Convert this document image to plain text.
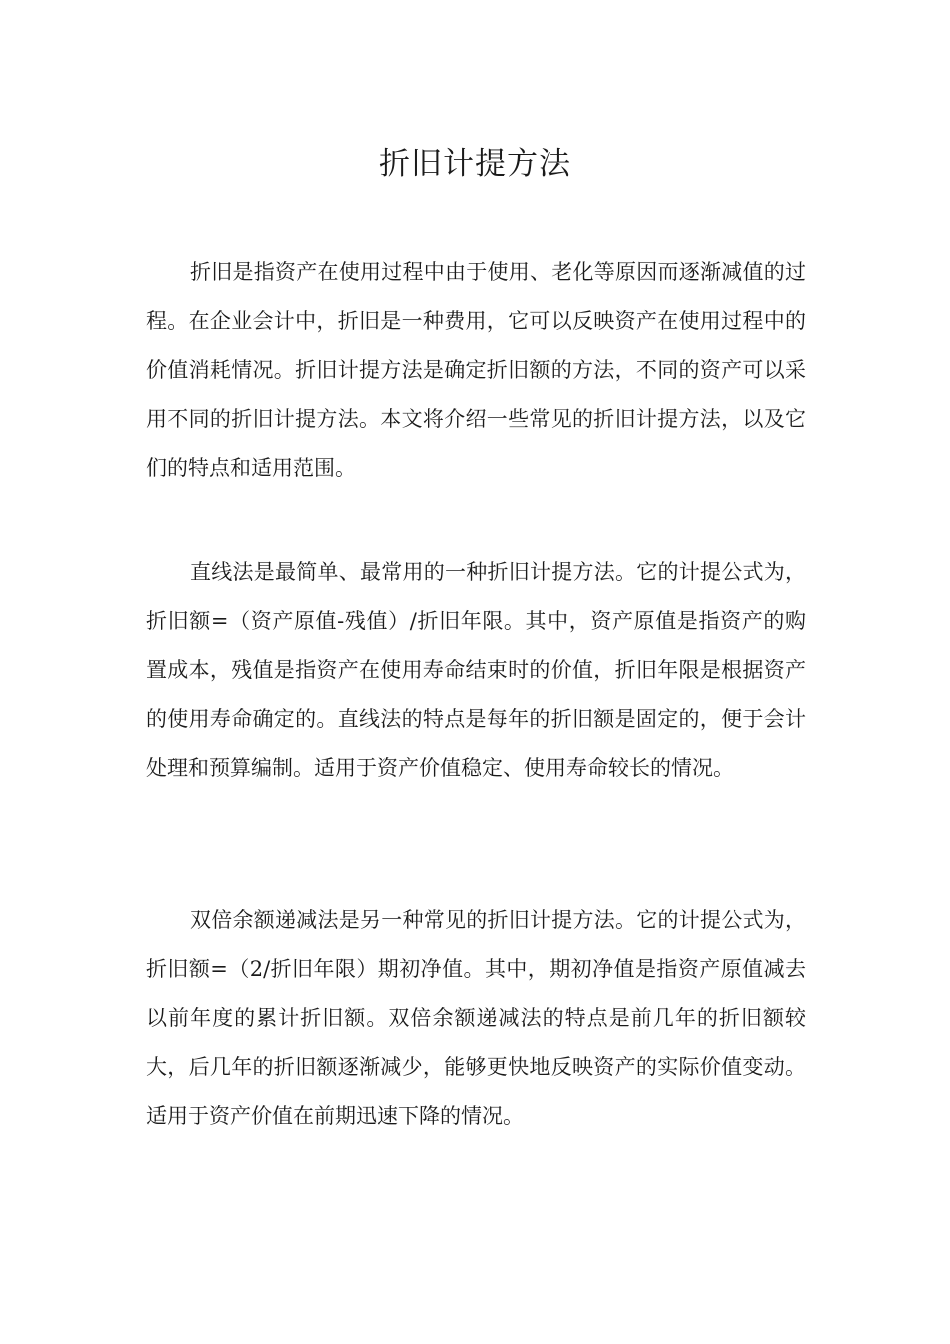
折旧计提方法

折旧是指资产在使用过程中由于使用、老化等原因而逐渐减值的过程。在企业会计中，折旧是一种费用，它可以反映资产在使用过程中的价值消耗情况。折旧计提方法是确定折旧额的方法，不同的资产可以采用不同的折旧计提方法。本文将介绍一些常见的折旧计提方法，以及它们的特点和适用范围。

直线法是最简单、最常用的一种折旧计提方法。它的计提公式为，折旧额=（资产原值-残值）/折旧年限。其中，资产原值是指资产的购置成本，残值是指资产在使用寿命结束时的价值，折旧年限是根据资产的使用寿命确定的。直线法的特点是每年的折旧额是固定的，便于会计处理和预算编制。适用于资产价值稳定、使用寿命较长的情况。

双倍余额递减法是另一种常见的折旧计提方法。它的计提公式为，折旧额=（2/折旧年限）期初净值。其中，期初净值是指资产原值减去以前年度的累计折旧额。双倍余额递减法的特点是前几年的折旧额较大，后几年的折旧额逐渐减少，能够更快地反映资产的实际价值变动。适用于资产价值在前期迅速下降的情况。
